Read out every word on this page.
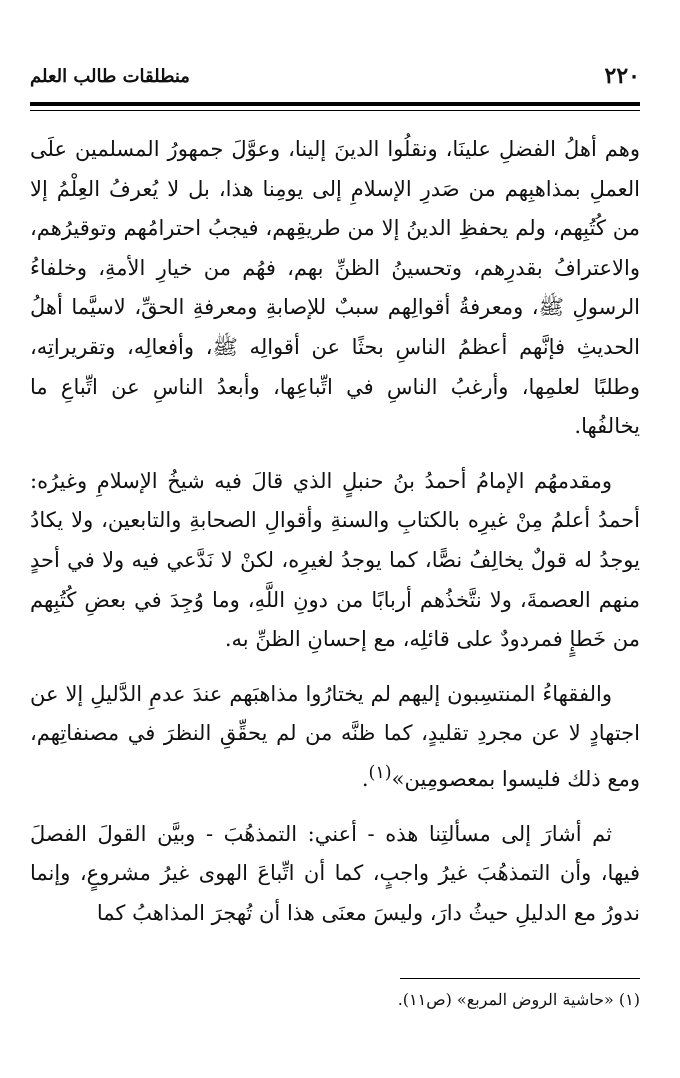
٢٢٠
منطلقات طالب العلم

وهم أهلُ الفضلِ علينَا، ونقلُوا الدينَ إلينا، وعوَّلَ جمهورُ المسلمين علَى العملِ بمذاهبِهم من صَدرِ الإسلامِ إلى يومِنا هذا، بل لا يُعرفُ العِلْمُ إلا من كُتُبِهم، ولم يحفظِ الدينُ إلا من طريقِهم، فيجبُ احترامُهم وتوقيرُهم، والاعترافُ بقدرِهم، وتحسينُ الظنِّ بهم، فهُم من خيارِ الأمةِ، وخلفاءُ الرسولِ ﷺ، ومعرفةُ أقوالِهم سببٌ للإصابةِ ومعرفةِ الحقِّ، لاسيَّما أهلُ الحديثِ فإنَّهم أعظمُ الناسِ بحثًا عن أقوالِه ﷺ، وأفعالِه، وتقريراتِه، وطلبًا لعلمِها، وأرغبُ الناسِ في اتِّباعِها، وأبعدُ الناسِ عن اتِّباعِ ما يخالفُها.

ومقدمهُم الإمامُ أحمدُ بنُ حنبلٍ الذي قالَ فيه شيخُ الإسلامِ وغيرُه: أحمدُ أعلمُ مِنْ غيرِه بالكتابِ والسنةِ وأقوالِ الصحابةِ والتابعين، ولا يكادُ يوجدُ له قولٌ يخالِفُ نصًّا، كما يوجدُ لغيرِه، لكنْ لا نَدَّعي فيه ولا في أحدٍ منهم العصمةَ، ولا نتَّخذُهم أربابًا من دونِ اللَّهِ، وما وُجِدَ في بعضِ كُتُبِهم من خَطإٍ فمردودٌ على قائلِه، مع إحسانِ الظنِّ به.

والفقهاءُ المنتسِبون إليهم لم يختارُوا مذاهبَهم عندَ عدمِ الدَّليلِ إلا عن اجتهادٍ لا عن مجردِ تقليدٍ، كما ظنَّه من لم يحقِّقِ النظرَ في مصنفاتِهم، ومع ذلك فليسوا بمعصومِين»$^{(١)}$.

ثم أشارَ إلى مسألتِنا هذه - أعني: التمذهُبَ - وبيَّن القولَ الفصلَ فيها، وأن التمذهُبَ غيرُ واجبٍ، كما أن اتِّباعَ الهوى غيرُ مشروعٍ، وإنما ندورُ مع الدليلِ حيثُ دارَ، وليسَ معنَى هذا أن تُهجرَ المذاهبُ كما

(١) «حاشية الروض المربع» (ص١١).
